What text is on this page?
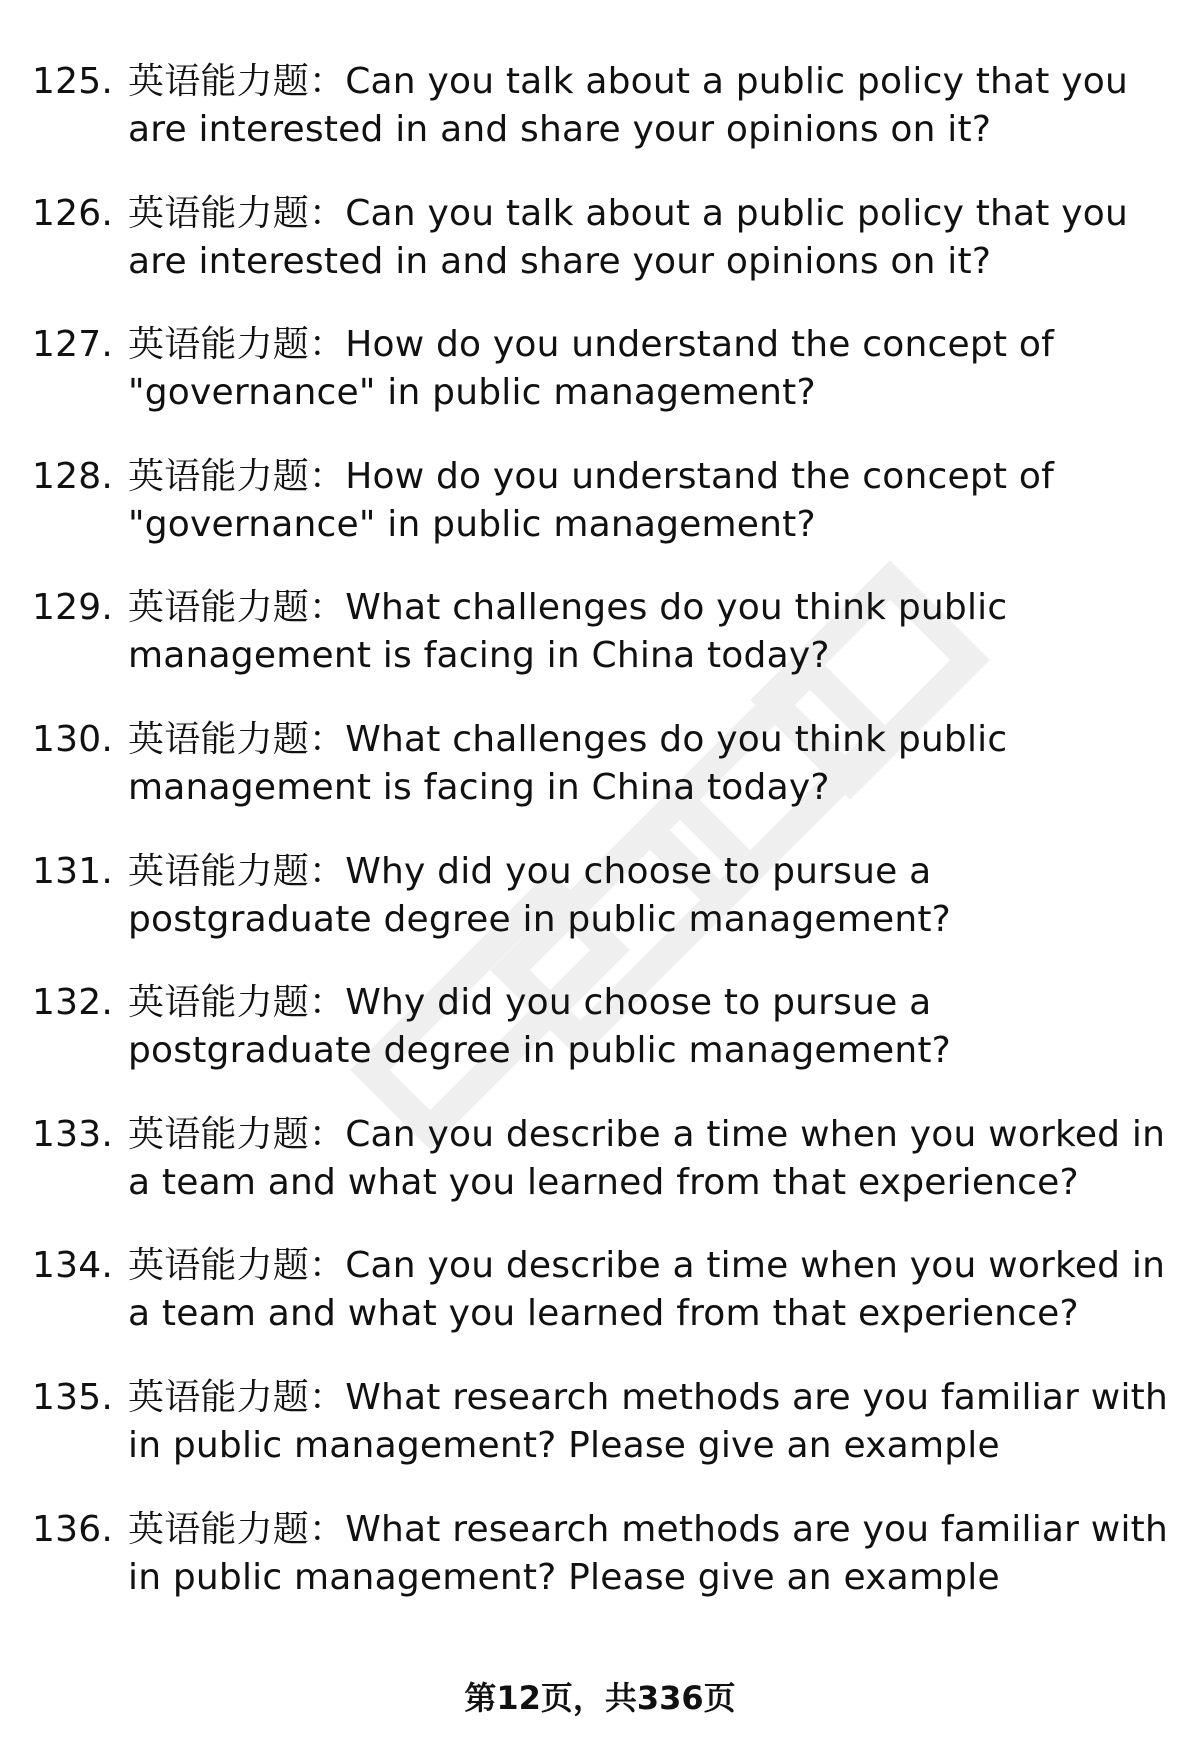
125. 英语能力题：Can you talk about a public policy that you are interested in and share your opinions on it?
126. 英语能力题：Can you talk about a public policy that you are interested in and share your opinions on it?
127. 英语能力题：How do you understand the concept of "governance" in public management?
128. 英语能力题：How do you understand the concept of "governance" in public management?
129. 英语能力题：What challenges do you think public management is facing in China today?
130. 英语能力题：What challenges do you think public management is facing in China today?
131. 英语能力题：Why did you choose to pursue a postgraduate degree in public management?
132. 英语能力题：Why did you choose to pursue a postgraduate degree in public management?
133. 英语能力题：Can you describe a time when you worked in a team and what you learned from that experience?
134. 英语能力题：Can you describe a time when you worked in a team and what you learned from that experience?
135. 英语能力题：What research methods are you familiar with in public management? Please give an example
136. 英语能力题：What research methods are you familiar with in public management? Please give an example
第12页，共336页
